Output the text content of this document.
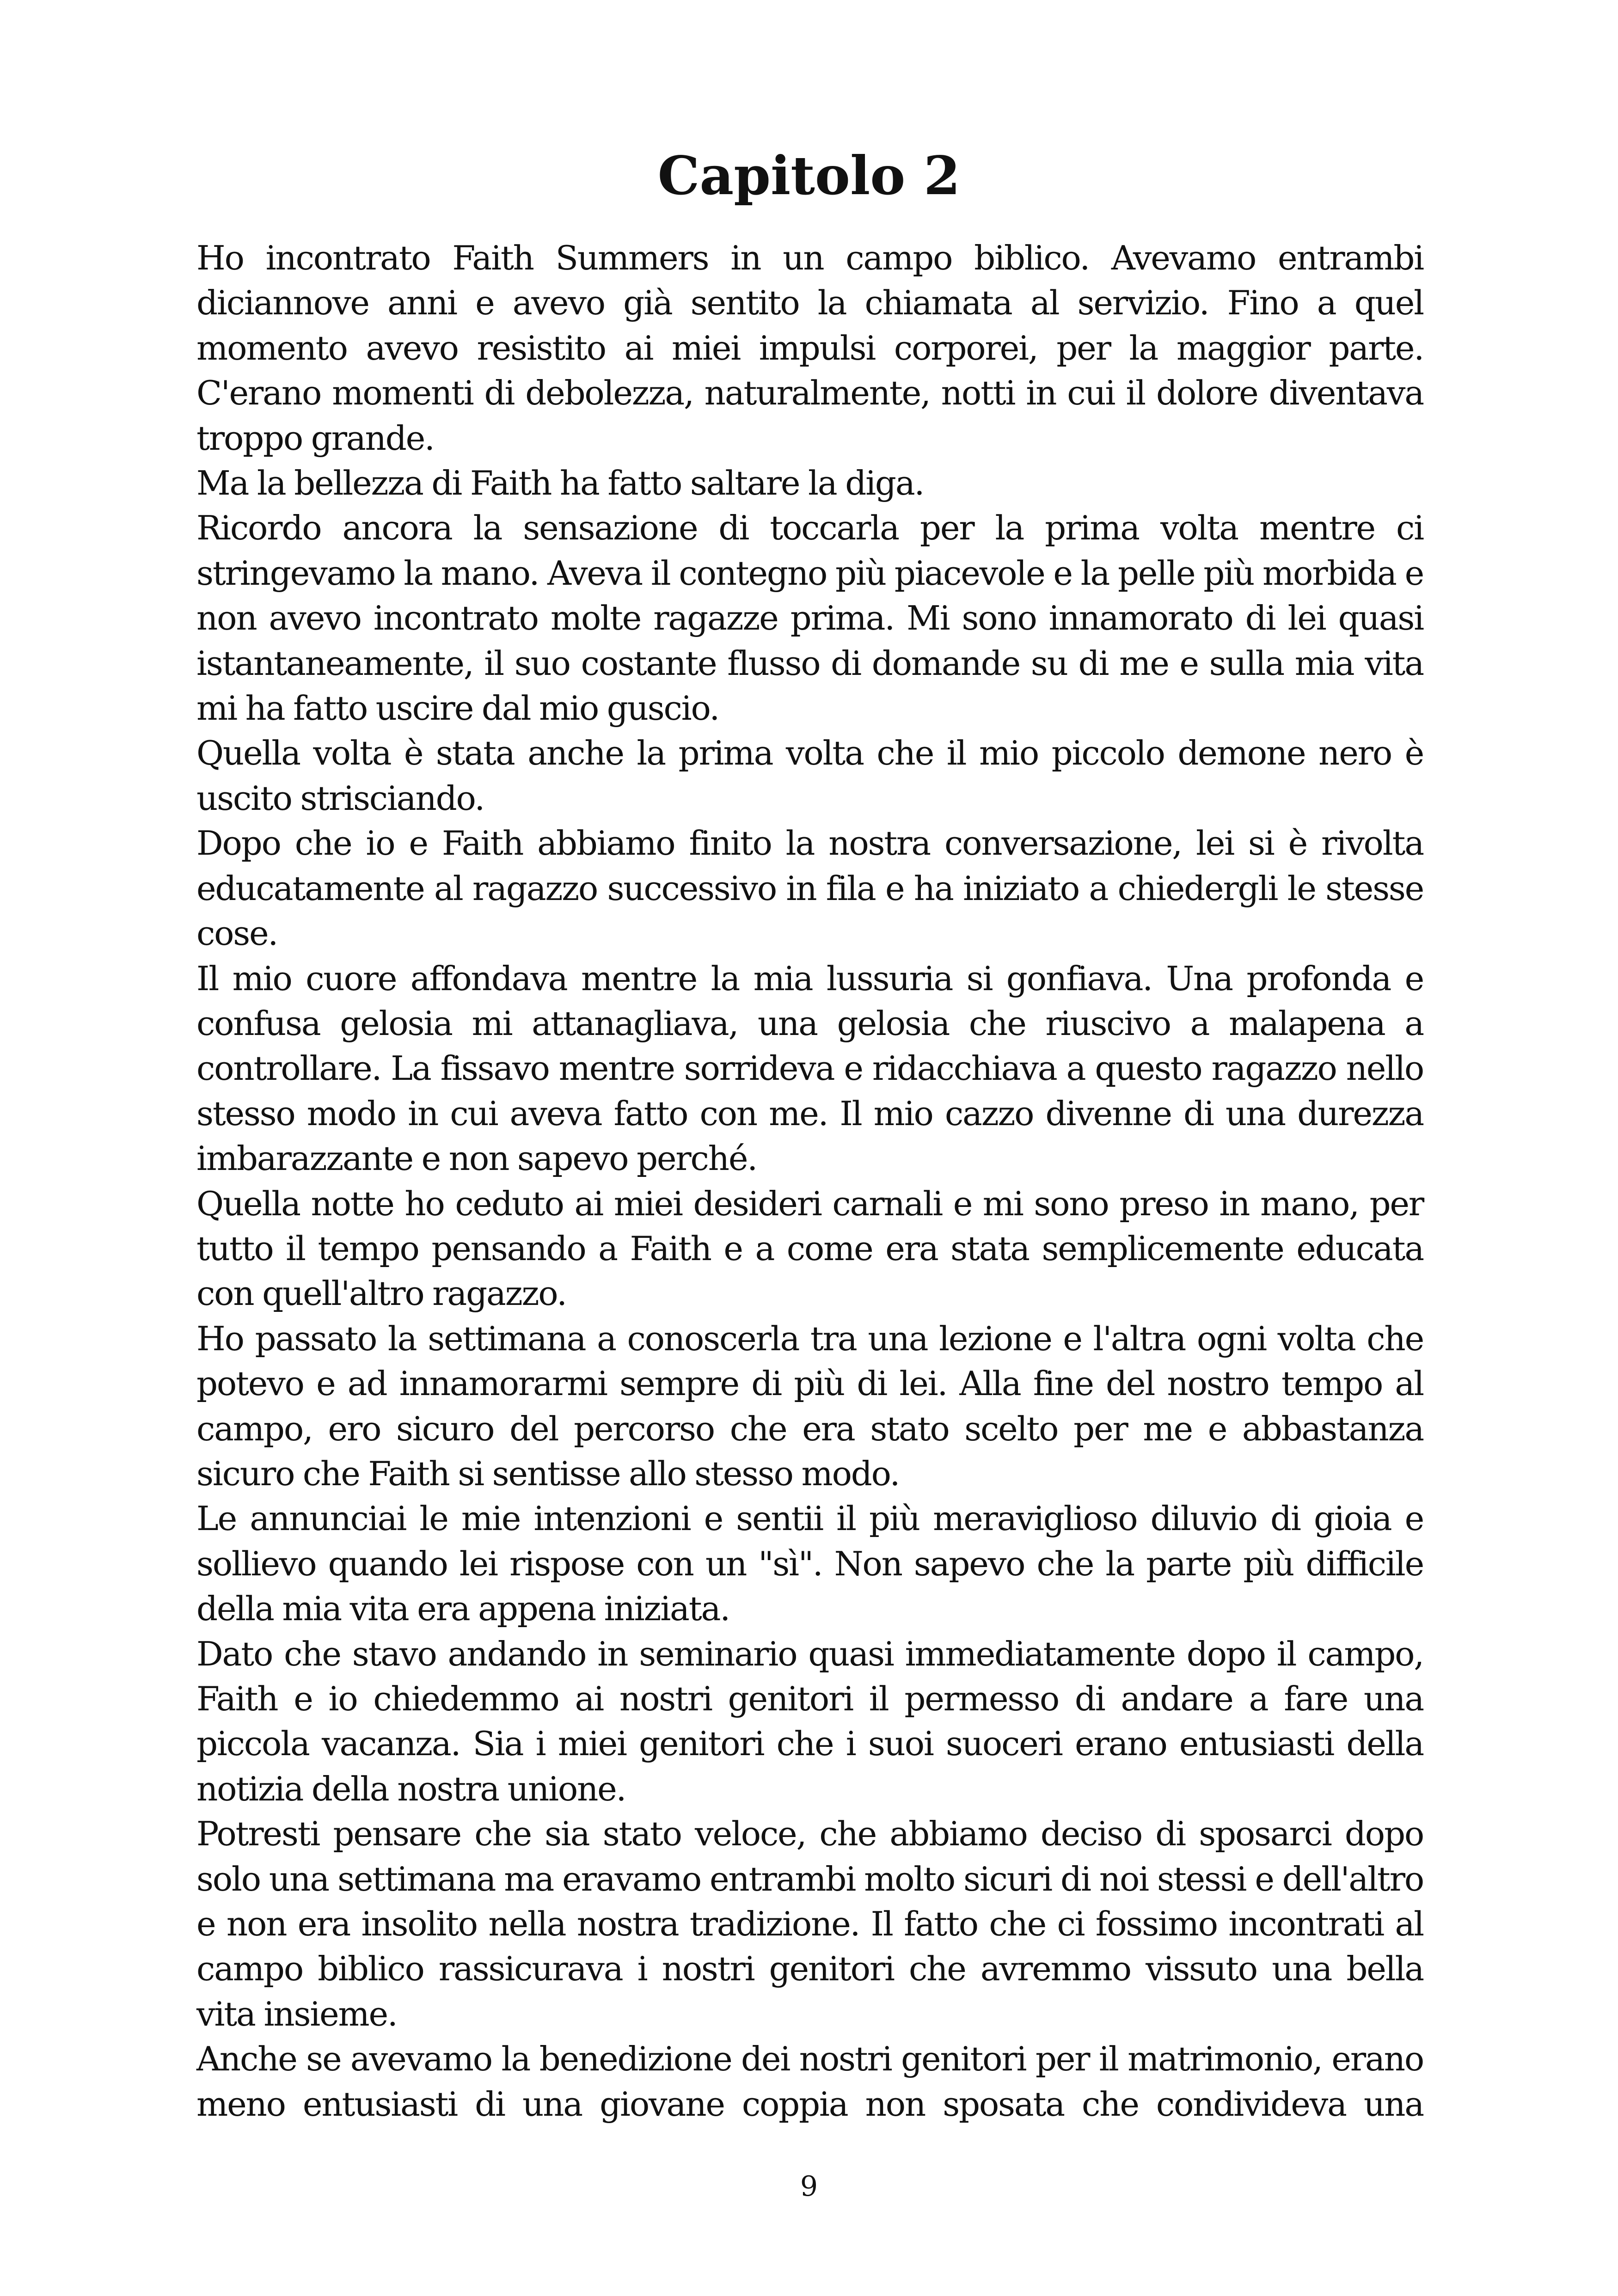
Capitolo 2

Ho incontrato Faith Summers in un campo biblico. Avevamo entrambi diciannove anni e avevo già sentito la chiamata al servizio. Fino a quel momento avevo resistito ai miei impulsi corporei, per la maggior parte. C'erano momenti di debolezza, naturalmente, notti in cui il dolore diventava troppo grande.

Ma la bellezza di Faith ha fatto saltare la diga.

Ricordo ancora la sensazione di toccarla per la prima volta mentre ci stringevamo la mano. Aveva il contegno più piacevole e la pelle più morbida e non avevo incontrato molte ragazze prima. Mi sono innamorato di lei quasi istantaneamente, il suo costante flusso di domande su di me e sulla mia vita mi ha fatto uscire dal mio guscio.

Quella volta è stata anche la prima volta che il mio piccolo demone nero è uscito strisciando.

Dopo che io e Faith abbiamo finito la nostra conversazione, lei si è rivolta educatamente al ragazzo successivo in fila e ha iniziato a chiedergli le stesse cose.

Il mio cuore affondava mentre la mia lussuria si gonfiava. Una profonda e confusa gelosia mi attanagliava, una gelosia che riuscivo a malapena a controllare. La fissavo mentre sorrideva e ridacchiava a questo ragazzo nello stesso modo in cui aveva fatto con me. Il mio cazzo divenne di una durezza imbarazzante e non sapevo perché.

Quella notte ho ceduto ai miei desideri carnali e mi sono preso in mano, per tutto il tempo pensando a Faith e a come era stata semplicemente educata con quell'altro ragazzo.

Ho passato la settimana a conoscerla tra una lezione e l'altra ogni volta che potevo e ad innamorarmi sempre di più di lei. Alla fine del nostro tempo al campo, ero sicuro del percorso che era stato scelto per me e abbastanza sicuro che Faith si sentisse allo stesso modo.

Le annunciai le mie intenzioni e sentii il più meraviglioso diluvio di gioia e sollievo quando lei rispose con un "sì". Non sapevo che la parte più difficile della mia vita era appena iniziata.

Dato che stavo andando in seminario quasi immediatamente dopo il campo, Faith e io chiedemmo ai nostri genitori il permesso di andare a fare una piccola vacanza. Sia i miei genitori che i suoi suoceri erano entusiasti della notizia della nostra unione.

Potresti pensare che sia stato veloce, che abbiamo deciso di sposarci dopo solo una settimana ma eravamo entrambi molto sicuri di noi stessi e dell'altro e non era insolito nella nostra tradizione. Il fatto che ci fossimo incontrati al campo biblico rassicurava i nostri genitori che avremmo vissuto una bella vita insieme.

Anche se avevamo la benedizione dei nostri genitori per il matrimonio, erano meno entusiasti di una giovane coppia non sposata che condivideva una

9
